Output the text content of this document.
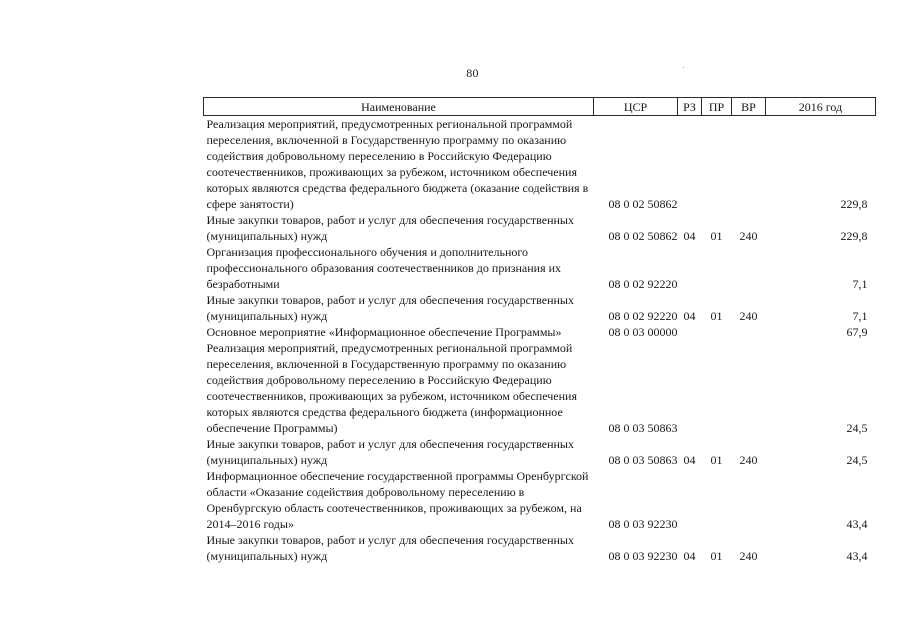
80
Наименование	ЦСР	РЗ	ПР	ВР	2016 год
Реализация мероприятий, предусмотренных региональной программой переселения, включенной в Государственную программу по оказанию содействия добровольному переселению в Российскую Федерацию соотечественников, проживающих за рубежом, источником обеспечения которых являются средства федерального бюджета (оказание содействия в сфере занятости)	08 0 02 50862				229,8
Иные закупки товаров, работ и услуг для обеспечения государственных (муниципальных) нужд	08 0 02 50862	04	01	240	229,8
Организация профессионального обучения и дополнительного профессионального образования соотечественников до признания их безработными	08 0 02 92220				7,1
Иные закупки товаров, работ и услуг для обеспечения государственных (муниципальных) нужд	08 0 02 92220	04	01	240	7,1
Основное мероприятие «Информационное обеспечение Программы»	08 0 03 00000				67,9
Реализация мероприятий, предусмотренных региональной программой переселения, включенной в Государственную программу по оказанию содействия добровольному переселению в Российскую Федерацию соотечественников, проживающих за рубежом, источником обеспечения которых являются средства федерального бюджета (информационное обеспечение Программы)	08 0 03 50863				24,5
Иные закупки товаров, работ и услуг для обеспечения государственных (муниципальных) нужд	08 0 03 50863	04	01	240	24,5
Информационное обеспечение государственной программы Оренбургской области «Оказание содействия добровольному переселению в Оренбургскую область соотечественников, проживающих за рубежом, на 2014–2016 годы»	08 0 03 92230				43,4
Иные закупки товаров, работ и услуг для обеспечения государственных (муниципальных) нужд	08 0 03 92230	04	01	240	43,4
